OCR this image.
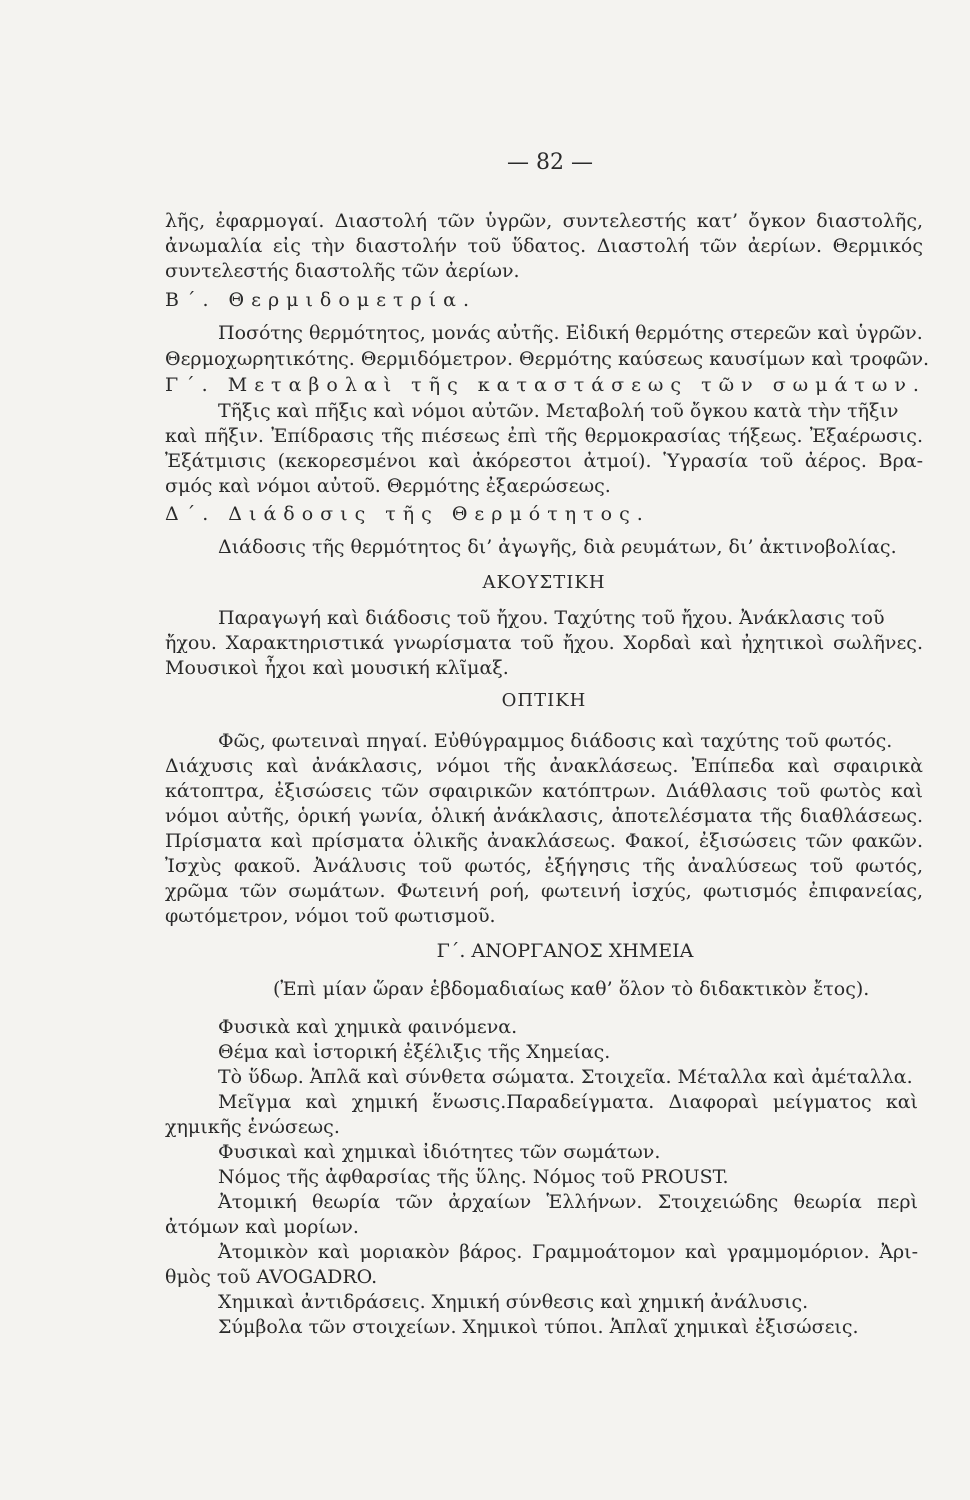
— 82 —
λῆς, ἐφαρμογαί. Διαστολή τῶν ὑγρῶν, συντελεστής κατ’ ὄγκον διαστολῆς,
ἀνωμαλία εἰς τὴν διαστολήν τοῦ ὕδατος. Διαστολή τῶν ἀερίων. Θερμικός
συντελεστής διαστολῆς τῶν ἀερίων.
Β΄. Θερμιδομετρία.
Ποσότης θερμότητος, μονάς αὐτῆς. Εἰδική θερμότης στερεῶν καὶ ὑγρῶν.
Θερμοχωρητικότης. Θερμιδόμετρον. Θερμότης καύσεως καυσίμων καὶ τροφῶν.
Γ΄. Μεταβολαὶ τῆς καταστάσεως τῶν σωμάτων.
Τῆξις καὶ πῆξις καὶ νόμοι αὐτῶν. Μεταβολή τοῦ ὄγκου κατὰ τὴν τῆξιν
καὶ πῆξιν. Ἐπίδρασις τῆς πιέσεως ἐπὶ τῆς θερμοκρασίας τήξεως. Ἐξαέρωσις.
Ἐξάτμισις (κεκορεσμένοι καὶ ἀκόρεστοι ἀτμοί). Ὑγρασία τοῦ ἀέρος. Βρα-
σμός καὶ νόμοι αὐτοῦ. Θερμότης ἐξαερώσεως.
Δ΄. Διάδοσις τῆς Θερμότητος.
Διάδοσις τῆς θερμότητος δι’ ἀγωγῆς, διὰ ρευμάτων, δι’ ἀκτινοβολίας.
ΑΚΟΥΣΤΙΚΗ
Παραγωγή καὶ διάδοσις τοῦ ἤχου. Ταχύτης τοῦ ἤχου. Ἀνάκλασις τοῦ
ἤχου. Χαρακτηριστικά γνωρίσματα τοῦ ἤχου. Χορδαὶ καὶ ἠχητικοὶ σωλῆνες.
Μουσικοὶ ἦχοι καὶ μουσική κλῖμαξ.
ΟΠΤΙΚΗ
Φῶς, φωτειναὶ πηγαί. Εὐθύγραμμος διάδοσις καὶ ταχύτης τοῦ φωτός.
Διάχυσις καὶ ἀνάκλασις, νόμοι τῆς ἀνακλάσεως. Ἐπίπεδα καὶ σφαιρικὰ
κάτοπτρα, ἐξισώσεις τῶν σφαιρικῶν κατόπτρων. Διάθλασις τοῦ φωτὸς καὶ
νόμοι αὐτῆς, ὁρική γωνία, ὁλική ἀνάκλασις, ἀποτελέσματα τῆς διαθλάσεως.
Πρίσματα καὶ πρίσματα ὁλικῆς ἀνακλάσεως. Φακοί, ἐξισώσεις τῶν φακῶν.
Ἰσχὺς φακοῦ. Ἀνάλυσις τοῦ φωτός, ἐξήγησις τῆς ἀναλύσεως τοῦ φωτός,
χρῶμα τῶν σωμάτων. Φωτεινή ροή, φωτεινή ἰσχύς, φωτισμός ἐπιφανείας,
φωτόμετρον, νόμοι τοῦ φωτισμοῦ.
Γ΄. ΑΝΟΡΓΑΝΟΣ ΧΗΜΕΙΑ
(Ἐπὶ μίαν ὥραν ἑβδομαδιαίως καθ’ ὅλον τὸ διδακτικὸν ἔτος).
Φυσικὰ καὶ χημικὰ φαινόμενα.
Θέμα καὶ ἱστορική ἐξέλιξις τῆς Χημείας.
Τὸ ὕδωρ. Ἁπλᾶ καὶ σύνθετα σώματα. Στοιχεῖα. Μέταλλα καὶ ἀμέταλλα.
Μεῖγμα καὶ χημική ἕνωσις.Παραδείγματα. Διαφοραὶ μείγματος καὶ
χημικῆς ἑνώσεως.
Φυσικαὶ καὶ χημικαὶ ἰδιότητες τῶν σωμάτων.
Νόμος τῆς ἀφθαρσίας τῆς ὕλης. Νόμος τοῦ PROUST.
Ἀτομική θεωρία τῶν ἀρχαίων Ἑλλήνων. Στοιχειώδης θεωρία περὶ
ἀτόμων καὶ μορίων.
Ἀτομικὸν καὶ μοριακὸν βάρος. Γραμμοάτομον καὶ γραμμομόριον. Ἀρι-
θμὸς τοῦ AVOGADRO.
Χημικαὶ ἀντιδράσεις. Χημική σύνθεσις καὶ χημική ἀνάλυσις.
Σύμβολα τῶν στοιχείων. Χημικοὶ τύποι. Ἁπλαῖ χημικαὶ ἐξισώσεις.
